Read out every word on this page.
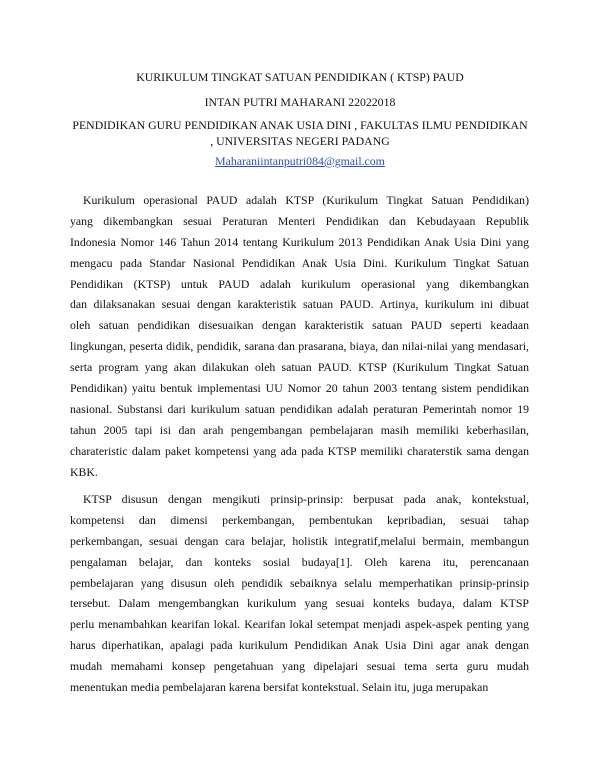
KURIKULUM TINGKAT SATUAN PENDIDIKAN ( KTSP) PAUD
INTAN PUTRI MAHARANI 22022018
PENDIDIKAN GURU PENDIDIKAN ANAK USIA DINI , FAKULTAS ILMU PENDIDIKAN
, UNIVERSITAS NEGERI PADANG
Maharaniintanputri084@gmail.com
Kurikulum operasional PAUD adalah KTSP (Kurikulum Tingkat Satuan Pendidikan)
yang dikembangkan sesuai Peraturan Menteri Pendidikan dan Kebudayaan Republik
Indonesia Nomor 146 Tahun 2014 tentang Kurikulum 2013 Pendidikan Anak Usia Dini yang
mengacu pada Standar Nasional Pendidikan Anak Usia Dini. Kurikulum Tingkat Satuan
Pendidikan (KTSP) untuk PAUD adalah kurikulum operasional yang dikembangkan
dan dilaksanakan sesuai dengan karakteristik satuan PAUD. Artinya, kurikulum ini dibuat
oleh satuan pendidikan disesuaikan dengan karakteristik satuan PAUD seperti keadaan
lingkungan, peserta didik, pendidik, sarana dan prasarana, biaya, dan nilai-nilai yang mendasari,
serta program yang akan dilakukan oleh satuan PAUD. KTSP (Kurikulum Tingkat Satuan
Pendidikan) yaitu bentuk implementasi UU Nomor 20 tahun 2003 tentang sistem pendidikan
nasional. Substansi dari kurikulum satuan pendidikan adalah peraturan Pemerintah nomor 19
tahun 2005 tapi isi dan arah pengembangan pembelajaran masih memiliki keberhasilan,
charateristic dalam paket kompetensi yang ada pada KTSP memiliki charaterstik sama dengan
KBK.
KTSP disusun dengan mengikuti prinsip-prinsip: berpusat pada anak, kontekstual,
kompetensi dan dimensi perkembangan, pembentukan kepribadian, sesuai tahap
perkembangan, sesuai dengan cara belajar, holistik integratif,melalui bermain, membangun
pengalaman belajar, dan konteks sosial budaya[1]. Oleh karena itu, perencanaan
pembelajaran yang disusun oleh pendidik sebaiknya selalu memperhatikan prinsip-prinsip
tersebut. Dalam mengembangkan kurikulum yang sesuai konteks budaya, dalam KTSP
perlu menambahkan kearifan lokal. Kearifan lokal setempat menjadi aspek-aspek penting yang
harus diperhatikan, apalagi pada kurikulum Pendidikan Anak Usia Dini agar anak dengan
mudah memahami konsep pengetahuan yang dipelajari sesuai tema serta guru mudah
menentukan media pembelajaran karena bersifat kontekstual. Selain itu, juga merupakan
